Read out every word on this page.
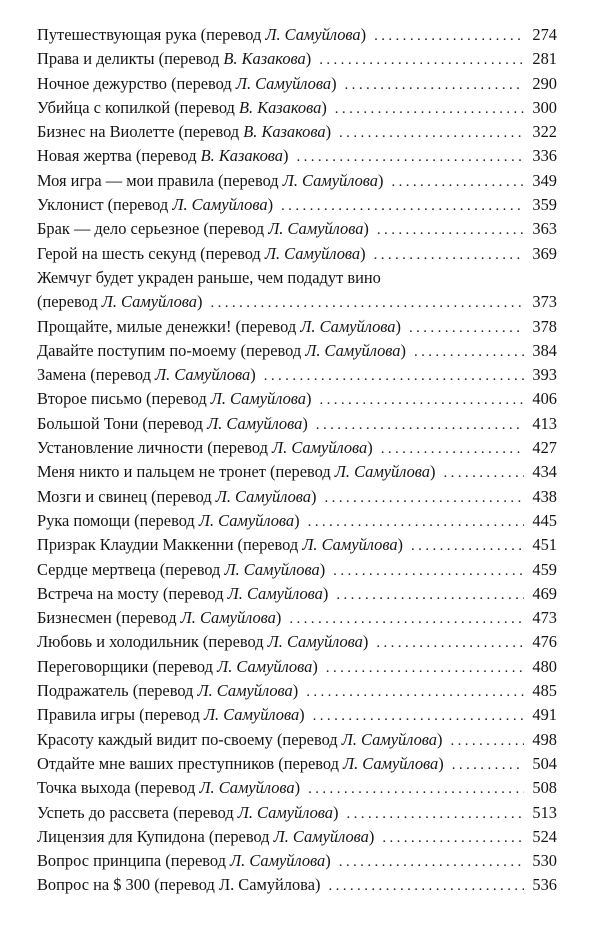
Путешествующая рука (перевод Л. Самуйлова) .....	274
Права и деликты (перевод В. Казакова) .....	281
Ночное дежурство (перевод Л. Самуйлова) .....	290
Убийца с копилкой (перевод В. Казакова) .....	300
Бизнес на Виолетте (перевод В. Казакова) .....	322
Новая жертва (перевод В. Казакова) .....	336
Моя игра — мои правила (перевод Л. Самуйлова) .....	349
Уклонист (перевод Л. Самуйлова) .....	359
Брак — дело серьезное (перевод Л. Самуйлова) .....	363
Герой на шесть секунд (перевод Л. Самуйлова) .....	369
Жемчуг будет украден раньше, чем подадут вино
(перевод Л. Самуйлова) .....	373
Прощайте, милые денежки! (перевод Л. Самуйлова) .....	378
Давайте поступим по-моему (перевод Л. Самуйлова) .....	384
Замена (перевод Л. Самуйлова) .....	393
Второе письмо (перевод Л. Самуйлова) .....	406
Большой Тони (перевод Л. Самуйлова) .....	413
Установление личности (перевод Л. Самуйлова) .....	427
Меня никто и пальцем не тронет (перевод Л. Самуйлова) .....	434
Мозги и свинец (перевод Л. Самуйлова) .....	438
Рука помощи (перевод Л. Самуйлова) .....	445
Призрак Клаудии Маккенни (перевод Л. Самуйлова) .....	451
Сердце мертвеца (перевод Л. Самуйлова) .....	459
Встреча на мосту (перевод Л. Самуйлова) .....	469
Бизнесмен (перевод Л. Самуйлова) .....	473
Любовь и холодильник (перевод Л. Самуйлова) .....	476
Переговорщики (перевод Л. Самуйлова) .....	480
Подражатель (перевод Л. Самуйлова) .....	485
Правила игры (перевод Л. Самуйлова) .....	491
Красоту каждый видит по-своему (перевод Л. Самуйлова) .....	498
Отдайте мне ваших преступников (перевод Л. Самуйлова) .....	504
Точка выхода (перевод Л. Самуйлова) .....	508
Успеть до рассвета (перевод Л. Самуйлова) .....	513
Лицензия для Купидона (перевод Л. Самуйлова) .....	524
Вопрос принципа (перевод Л. Самуйлова) .....	530
Вопрос на $ 300 (перевод Л. Самуйлова) .....	536
